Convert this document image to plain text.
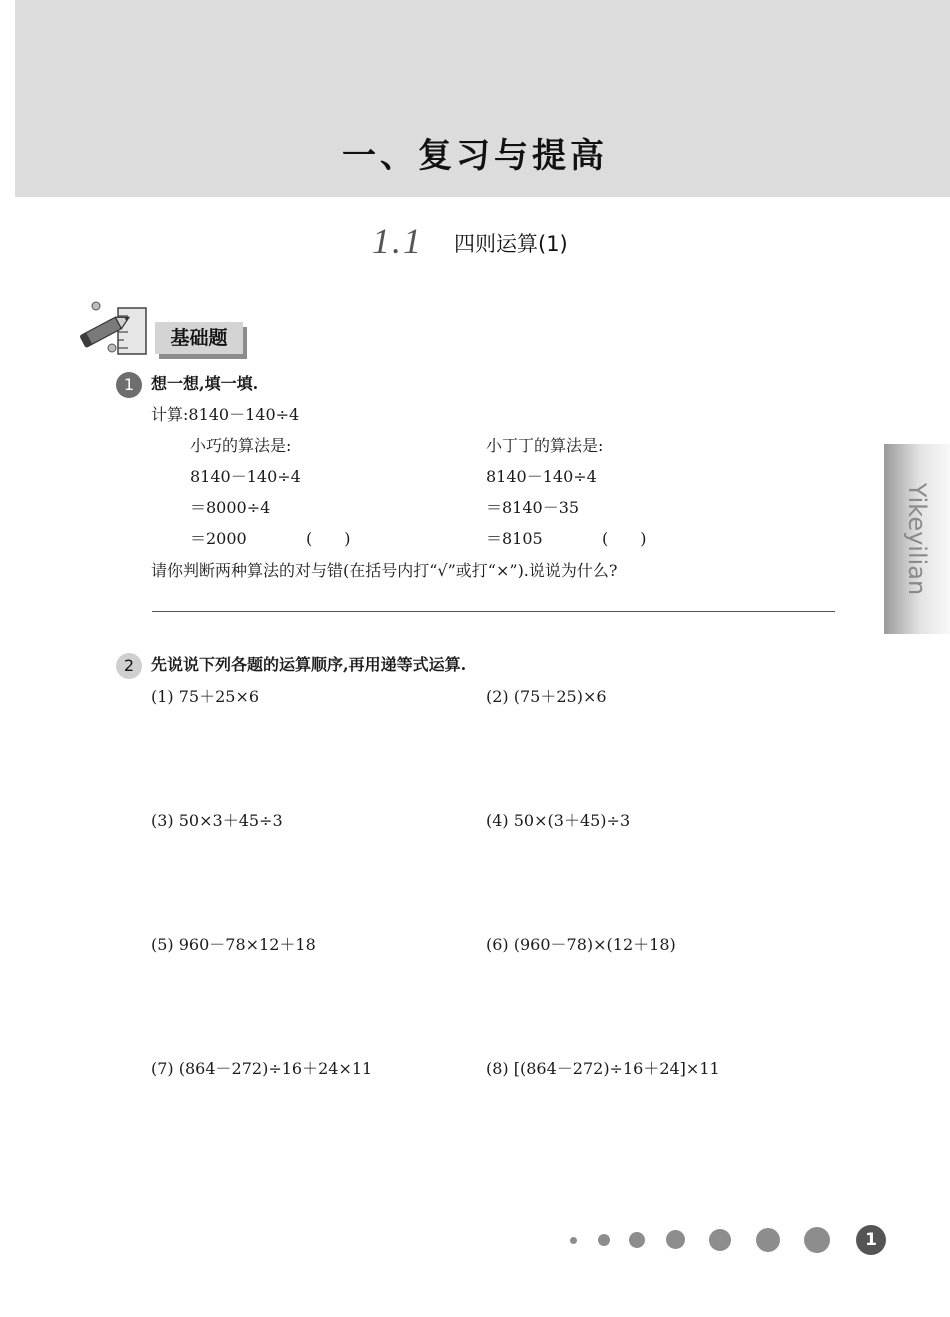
一、复习与提高
1.1 四则运算(1)
基础题
1	想一想,填一填.
计算:8140－140÷4
小巧的算法是:
8140－140÷4
＝8000÷4
＝2000	(　　)
小丁丁的算法是:
8140－140÷4
＝8140－35
＝8105	(　　)
请你判断两种算法的对与错(在括号内打“√”或打“×”).说说为什么?
2	先说说下列各题的运算顺序,再用递等式运算.
(1) 75＋25×6	(2) (75＋25)×6
(3) 50×3＋45÷3	(4) 50×(3＋45)÷3
(5) 960－78×12＋18	(6) (960－78)×(12＋18)
(7) (864－272)÷16＋24×11	(8) [(864－272)÷16＋24]×11
Yikeyilian
1
